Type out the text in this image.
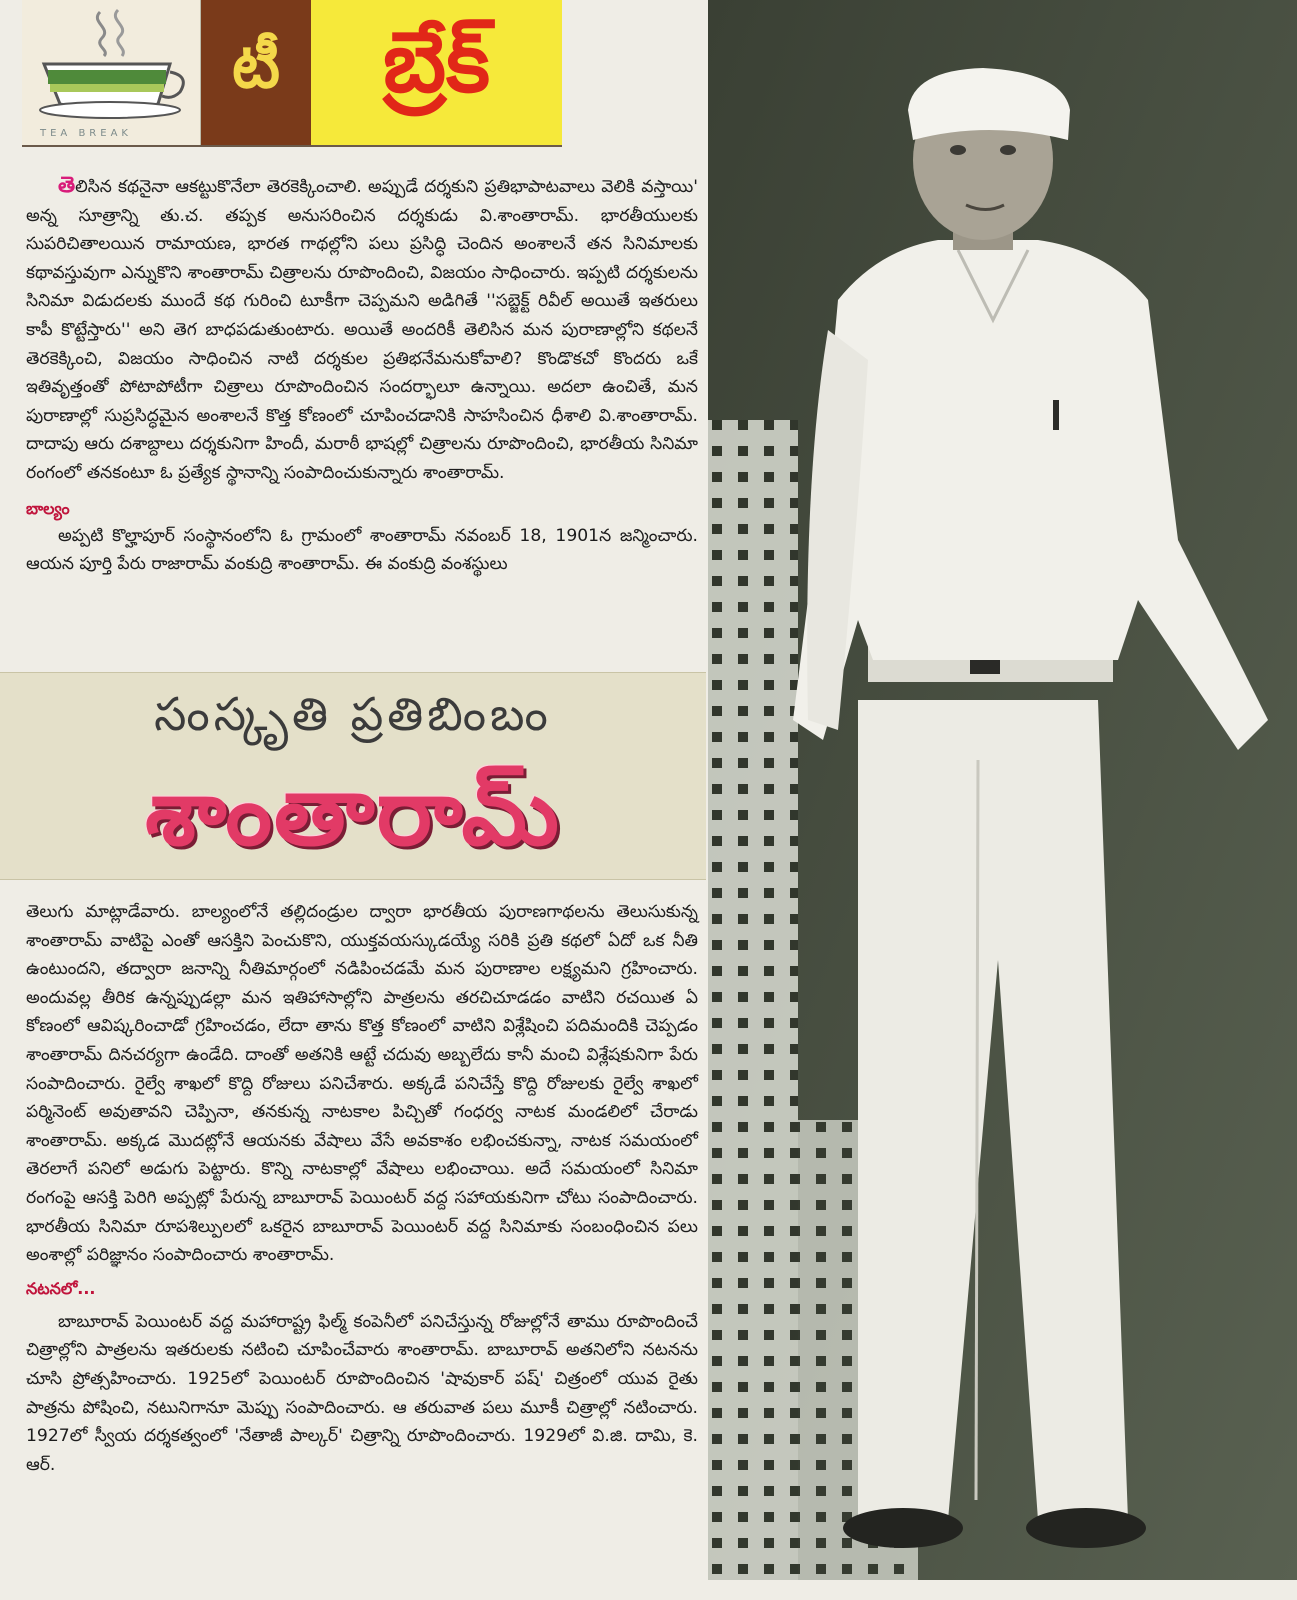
TEA BREAK
టీ	బ్రేక్

తెలిసిన కథనైనా ఆకట్టుకొనేలా తెరకెక్కించాలి. అప్పుడే దర్శకుని ప్రతిభాపాటవాలు వెలికి వస్తాయి' అన్న సూత్రాన్ని తు.చ. తప్పక అనుసరించిన దర్శకుడు వి.శాంతారామ్. భారతీయులకు సుపరిచితాలయిన రామాయణ, భారత గాథల్లోని పలు ప్రసిద్ధి చెందిన అంశాలనే తన సినిమాలకు కథావస్తువుగా ఎన్నుకొని శాంతారామ్ చిత్రాలను రూపొందించి, విజయం సాధించారు. ఇప్పటి దర్శకులను సినిమా విడుదలకు ముందే కథ గురించి టూకీగా చెప్పమని అడిగితే ''సబ్జెక్ట్ రివీల్ అయితే ఇతరులు కాపీ కొట్టేస్తారు'' అని తెగ బాధపడుతుంటారు. అయితే అందరికీ తెలిసిన మన పురాణాల్లోని కథలనే తెరకెక్కించి, విజయం సాధించిన నాటి దర్శకుల ప్రతిభనేమనుకోవాలి? కొండొకచో కొందరు ఒకే ఇతివృత్తంతో పోటాపోటీగా చిత్రాలు రూపొందించిన సందర్భాలూ ఉన్నాయి. అదలా ఉంచితే, మన పురాణాల్లో సుప్రసిద్ధమైన అంశాలనే కొత్త కోణంలో చూపించడానికి సాహసించిన ధీశాలి వి.శాంతారామ్. దాదాపు ఆరు దశాబ్దాలు దర్శకునిగా హిందీ, మరాఠీ భాషల్లో చిత్రాలను రూపొందించి, భారతీయ సినిమా రంగంలో తనకంటూ ఓ ప్రత్యేక స్థానాన్ని సంపాదించుకున్నారు శాంతారామ్.

బాల్యం

అప్పటి కొల్హాపూర్ సంస్థానంలోని ఓ గ్రామంలో శాంతారామ్ నవంబర్ 18, 1901న జన్మించారు. ఆయన పూర్తి పేరు రాజారామ్ వంకుద్రి శాంతారామ్. ఈ వంకుద్రి వంశస్థులు

సంస్కృతి ప్రతిబింబం
శాంతారామ్

తెలుగు మాట్లాడేవారు. బాల్యంలోనే తల్లిదండ్రుల ద్వారా భారతీయ పురాణగాథలను తెలుసుకున్న శాంతారామ్ వాటిపై ఎంతో ఆసక్తిని పెంచుకొని, యుక్తవయస్కుడయ్యే సరికి ప్రతి కథలో ఏదో ఒక నీతి ఉంటుందని, తద్వారా జనాన్ని నీతిమార్గంలో నడిపించడమే మన పురాణాల లక్ష్యమని గ్రహించారు. అందువల్ల తీరిక ఉన్నప్పుడల్లా మన ఇతిహాసాల్లోని పాత్రలను తరచిచూడడం వాటిని రచయిత ఏ కోణంలో ఆవిష్కరించాడో గ్రహించడం, లేదా తాను కొత్త కోణంలో వాటిని విశ్లేషించి పదిమందికి చెప్పడం శాంతారామ్ దినచర్యగా ఉండేది. దాంతో అతనికి ఆట్టే చదువు అబ్బలేదు కానీ మంచి విశ్లేషకునిగా పేరు సంపాదించారు. రైల్వే శాఖలో కొద్ది రోజులు పనిచేశారు. అక్కడే పనిచేస్తే కొద్ది రోజులకు రైల్వే శాఖలో పర్మినెంట్ అవుతావని చెప్పినా, తనకున్న నాటకాల పిచ్చితో గంధర్వ నాటక మండలిలో చేరాడు శాంతారామ్. అక్కడ మొదట్లోనే ఆయనకు వేషాలు వేసే అవకాశం లభించకున్నా, నాటక సమయంలో తెరలాగే పనిలో అడుగు పెట్టారు. కొన్ని నాటకాల్లో వేషాలు లభించాయి. అదే సమయంలో సినిమా రంగంపై ఆసక్తి పెరిగి అప్పట్లో పేరున్న బాబూరావ్ పెయింటర్ వద్ద సహాయకునిగా చోటు సంపాదించారు. భారతీయ సినిమా రూపశిల్పులలో ఒకరైన బాబూరావ్ పెయింటర్ వద్ద సినిమాకు సంబంధించిన పలు అంశాల్లో పరిజ్ఞానం సంపాదించారు శాంతారామ్.

నటనలో...

బాబూరావ్ పెయింటర్ వద్ద మహారాష్ట్ర ఫిల్మ్ కంపెనీలో పనిచేస్తున్న రోజుల్లోనే తాము రూపొందించే చిత్రాల్లోని పాత్రలను ఇతరులకు నటించి చూపించేవారు శాంతారామ్. బాబూరావ్ అతనిలోని నటనను చూసి ప్రోత్సహించారు. 1925లో పెయింటర్ రూపొందించిన 'షావుకార్ పష్' చిత్రంలో యువ రైతు పాత్రను పోషించి, నటునిగానూ మెప్పు సంపాదించారు. ఆ తరువాత పలు మూకీ చిత్రాల్లో నటించారు. 1927లో స్వీయ దర్శకత్వంలో 'నేతాజీ పాల్కర్' చిత్రాన్ని రూపొందించారు. 1929లో వి.జి. దామి, కె. ఆర్.
